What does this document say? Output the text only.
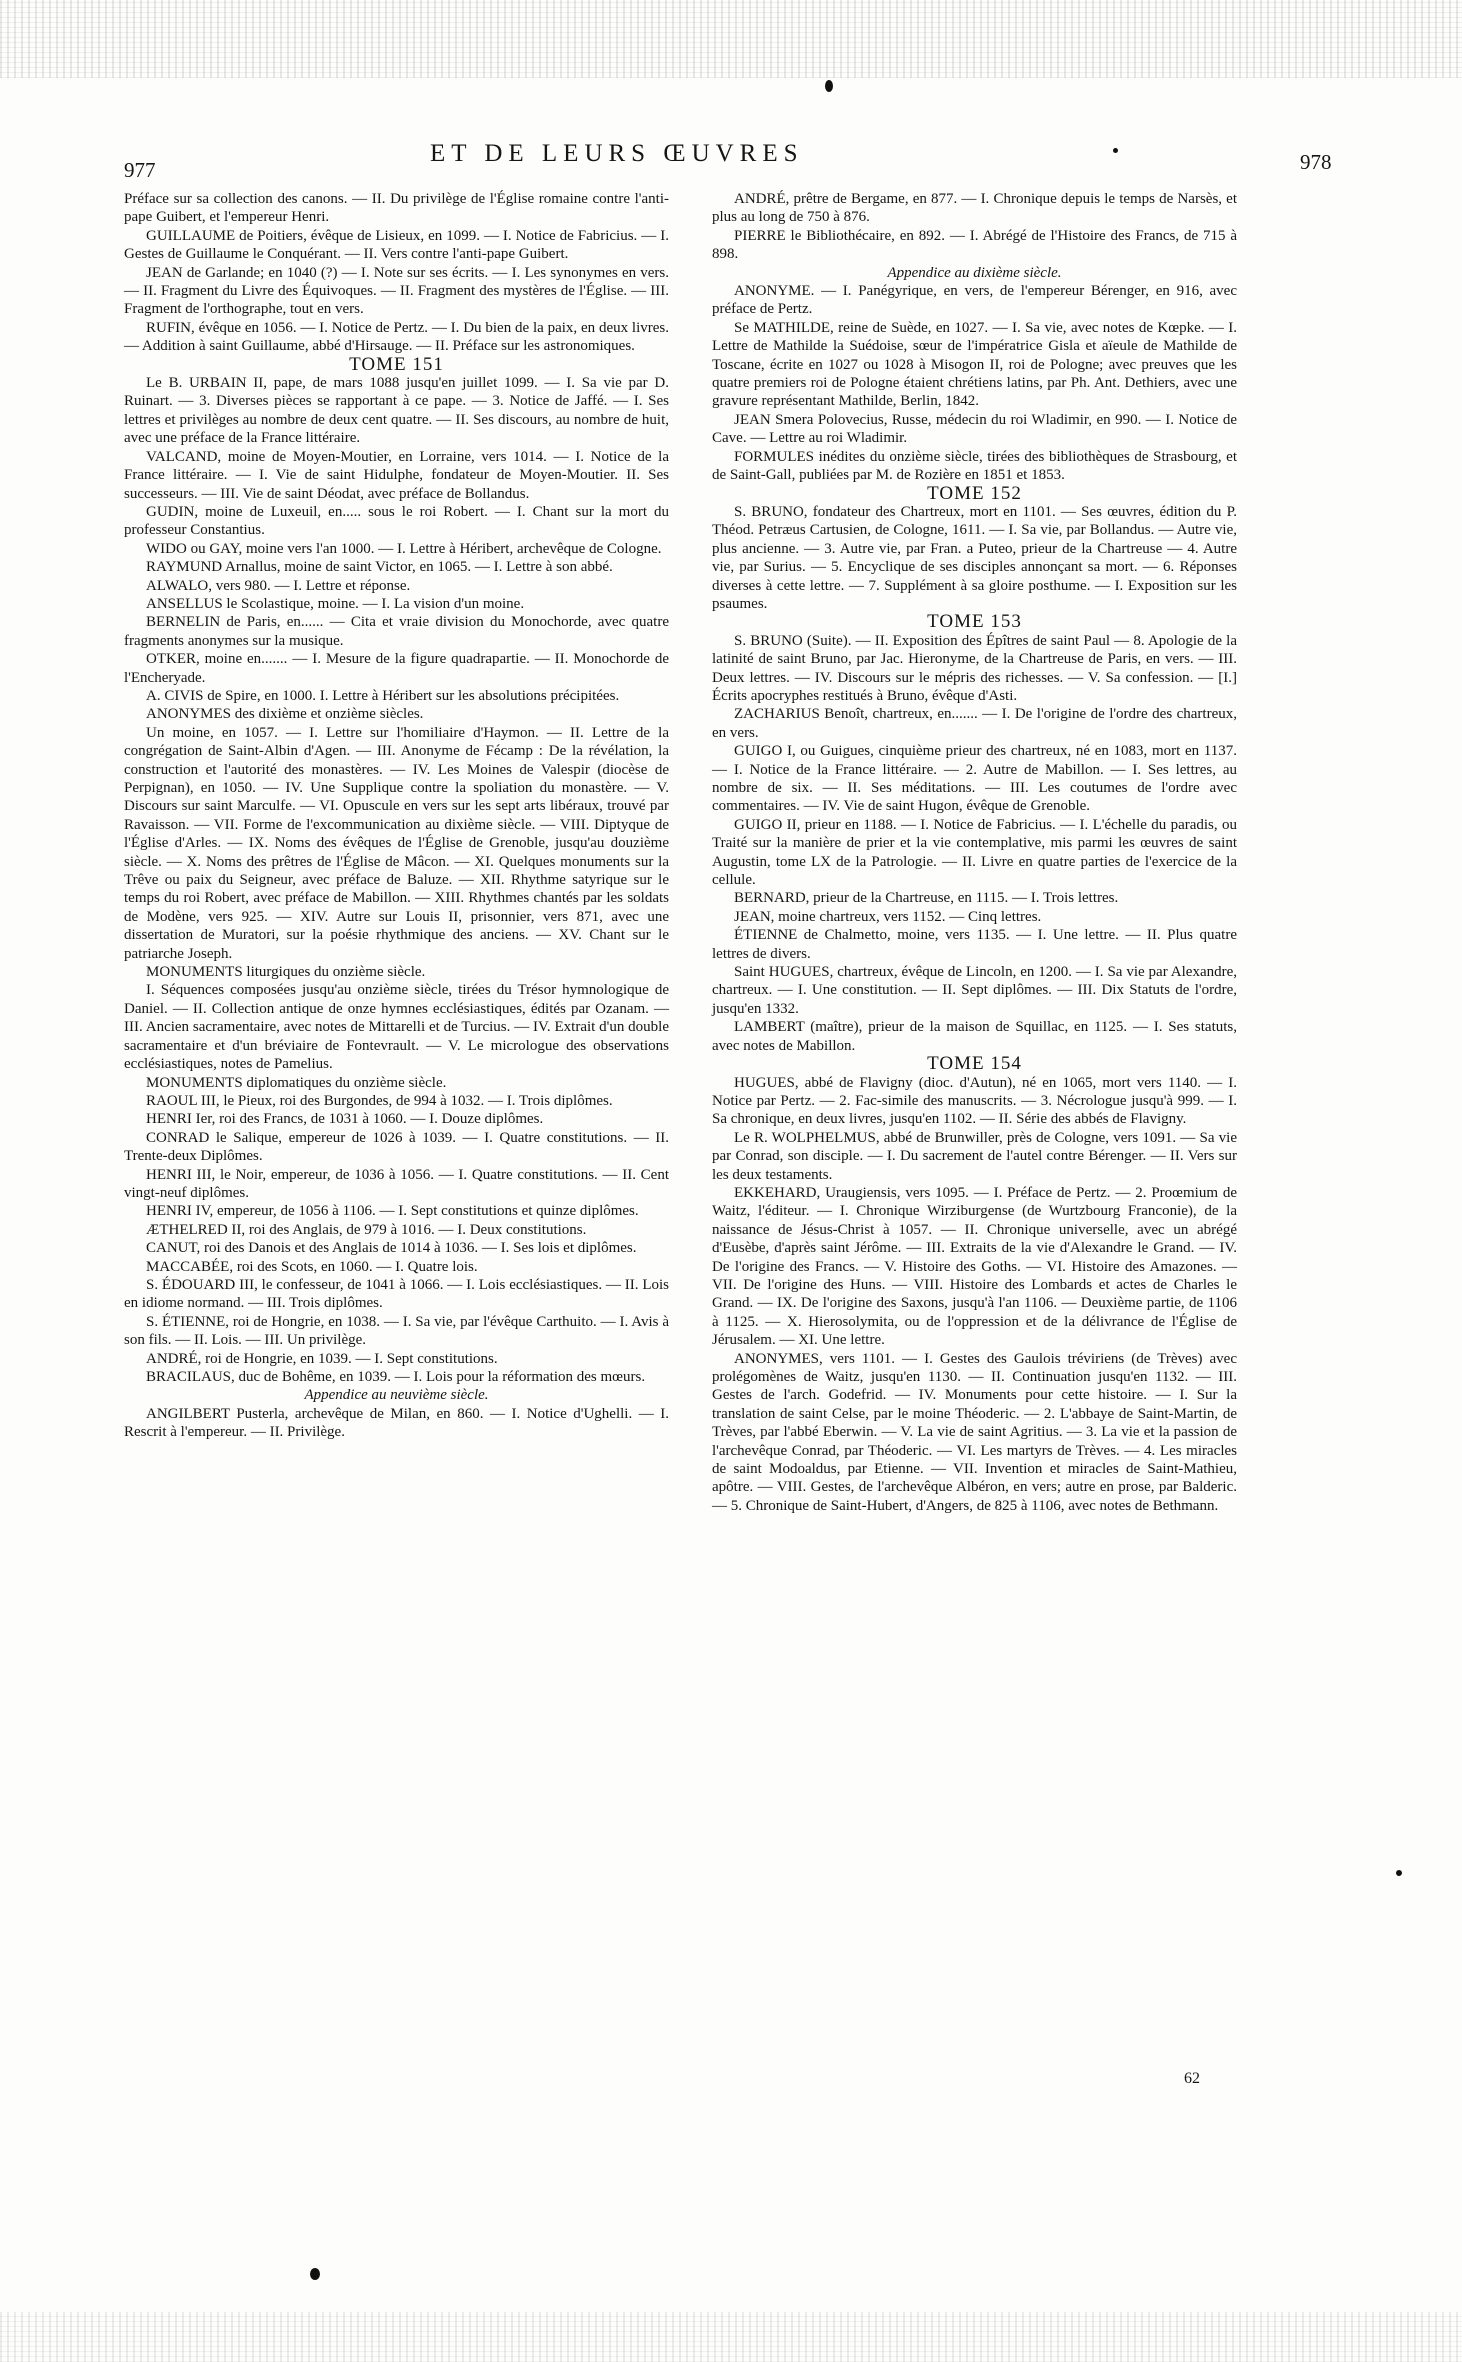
977
ET DE LEURS ŒUVRES	978

Préface sur sa collection des canons. — II. Du privilège de l'Église romaine contre l'anti-pape Guibert, et l'empereur Henri.

GUILLAUME de Poitiers, évêque de Lisieux, en 1099. — I. Notice de Fabricius. — I. Gestes de Guillaume le Conquérant. — II. Vers contre l'anti-pape Guibert.

JEAN de Garlande; en 1040 (?) — I. Note sur ses écrits. — I. Les synonymes en vers. — II. Fragment du Livre des Équivoques. — II. Fragment des mystères de l'Église. — III. Fragment de l'orthographe, tout en vers.

RUFIN, évêque en 1056. — I. Notice de Pertz. — I. Du bien de la paix, en deux livres. — Addition à saint Guillaume, abbé d'Hirsauge. — II. Préface sur les astronomiques.

TOME 151

Le B. URBAIN II, pape, de mars 1088 jusqu'en juillet 1099. — I. Sa vie par D. Ruinart. — 3. Diverses pièces se rapportant à ce pape. — 3. Notice de Jaffé. — I. Ses lettres et privilèges au nombre de deux cent quatre. — II. Ses discours, au nombre de huit, avec une préface de la France littéraire.

VALCAND, moine de Moyen-Moutier, en Lorraine, vers 1014. — I. Notice de la France littéraire. — I. Vie de saint Hidulphe, fondateur de Moyen-Moutier. II. Ses successeurs. — III. Vie de saint Déodat, avec préface de Bollandus.

GUDIN, moine de Luxeuil, en..... sous le roi Robert. — I. Chant sur la mort du professeur Constantius.

WIDO ou GAY, moine vers l'an 1000. — I. Lettre à Héribert, archevêque de Cologne.

RAYMUND Arnallus, moine de saint Victor, en 1065. — I. Lettre à son abbé.

ALWALO, vers 980. — I. Lettre et réponse.

ANSELLUS le Scolastique, moine. — I. La vision d'un moine.

BERNELIN de Paris, en...... — Cita et vraie division du Monochorde, avec quatre fragments anonymes sur la musique.

OTKER, moine en....... — I. Mesure de la figure quadrapartie. — II. Monochorde de l'Encheryade.

A. CIVIS de Spire, en 1000. I. Lettre à Héribert sur les absolutions précipitées.

ANONYMES des dixième et onzième siècles.

Un moine, en 1057. — I. Lettre sur l'homiliaire d'Haymon. — II. Lettre de la congrégation de Saint-Albin d'Agen. — III. Anonyme de Fécamp : De la révélation, la construction et l'autorité des monastères. — IV. Les Moines de Valespir (diocèse de Perpignan), en 1050. — IV. Une Supplique contre la spoliation du monastère. — V. Discours sur saint Marculfe. — VI. Opuscule en vers sur les sept arts libéraux, trouvé par Ravaisson. — VII. Forme de l'excommunication au dixième siècle. — VIII. Diptyque de l'Église d'Arles. — IX. Noms des évêques de l'Église de Grenoble, jusqu'au douzième siècle. — X. Noms des prêtres de l'Église de Mâcon. — XI. Quelques monuments sur la Trêve ou paix du Seigneur, avec préface de Baluze. — XII. Rhythme satyrique sur le temps du roi Robert, avec préface de Mabillon. — XIII. Rhythmes chantés par les soldats de Modène, vers 925. — XIV. Autre sur Louis II, prisonnier, vers 871, avec une dissertation de Muratori, sur la poésie rhythmique des anciens. — XV. Chant sur le patriarche Joseph.

MONUMENTS liturgiques du onzième siècle.

I. Séquences composées jusqu'au onzième siècle, tirées du Trésor hymnologique de Daniel. — II. Collection antique de onze hymnes ecclésiastiques, édités par Ozanam. — III. Ancien sacramentaire, avec notes de Mittarelli et de Turcius. — IV. Extrait d'un double sacramentaire et d'un bréviaire de Fontevrault. — V. Le micrologue des observations ecclésiastiques, notes de Pamelius.

MONUMENTS diplomatiques du onzième siècle.

RAOUL III, le Pieux, roi des Burgondes, de 994 à 1032. — I. Trois diplômes.

HENRI Ier, roi des Francs, de 1031 à 1060. — I. Douze diplômes.

CONRAD le Salique, empereur de 1026 à 1039. — I. Quatre constitutions. — II. Trente-deux Diplômes.

HENRI III, le Noir, empereur, de 1036 à 1056. — I. Quatre constitutions. — II. Cent vingt-neuf diplômes.

HENRI IV, empereur, de 1056 à 1106. — I. Sept constitutions et quinze diplômes.

ÆTHELRED II, roi des Anglais, de 979 à 1016. — I. Deux constitutions.

CANUT, roi des Danois et des Anglais de 1014 à 1036. — I. Ses lois et diplômes.

MACCABÉE, roi des Scots, en 1060. — I. Quatre lois.

S. ÉDOUARD III, le confesseur, de 1041 à 1066. — I. Lois ecclésiastiques. — II. Lois en idiome normand. — III. Trois diplômes.

S. ÉTIENNE, roi de Hongrie, en 1038. — I. Sa vie, par l'évêque Carthuito. — I. Avis à son fils. — II. Lois. — III. Un privilège.

ANDRÉ, roi de Hongrie, en 1039. — I. Sept constitutions.

BRACILAUS, duc de Bohême, en 1039. — I. Lois pour la réformation des mœurs.

Appendice au neuvième siècle.

ANGILBERT Pusterla, archevêque de Milan, en 860. — I. Notice d'Ughelli. — I. Rescrit à l'empereur. — II. Privilège.

ANDRÉ, prêtre de Bergame, en 877. — I. Chronique depuis le temps de Narsès, et plus au long de 750 à 876.

PIERRE le Bibliothécaire, en 892. — I. Abrégé de l'Histoire des Francs, de 715 à 898.

Appendice au dixième siècle.

ANONYME. — I. Panégyrique, en vers, de l'empereur Bérenger, en 916, avec préface de Pertz.

Se MATHILDE, reine de Suède, en 1027. — I. Sa vie, avec notes de Kœpke. — I. Lettre de Mathilde la Suédoise, sœur de l'impératrice Gisla et aïeule de Mathilde de Toscane, écrite en 1027 ou 1028 à Misogon II, roi de Pologne; avec preuves que les quatre premiers roi de Pologne étaient chrétiens latins, par Ph. Ant. Dethiers, avec une gravure représentant Mathilde, Berlin, 1842.

JEAN Smera Polovecius, Russe, médecin du roi Wladimir, en 990. — I. Notice de Cave. — Lettre au roi Wladimir.

FORMULES inédites du onzième siècle, tirées des bibliothèques de Strasbourg, et de Saint-Gall, publiées par M. de Rozière en 1851 et 1853.

TOME 152

S. BRUNO, fondateur des Chartreux, mort en 1101. — Ses œuvres, édition du P. Théod. Petræus Cartusien, de Cologne, 1611. — I. Sa vie, par Bollandus. — Autre vie, plus ancienne. — 3. Autre vie, par Fran. a Puteo, prieur de la Chartreuse — 4. Autre vie, par Surius. — 5. Encyclique de ses disciples annonçant sa mort. — 6. Réponses diverses à cette lettre. — 7. Supplément à sa gloire posthume. — I. Exposition sur les psaumes.

TOME 153

S. BRUNO (Suite). — II. Exposition des Épîtres de saint Paul — 8. Apologie de la latinité de saint Bruno, par Jac. Hieronyme, de la Chartreuse de Paris, en vers. — III. Deux lettres. — IV. Discours sur le mépris des richesses. — V. Sa confession. — [I.] Écrits apocryphes restitués à Bruno, évêque d'Asti.

ZACHARIUS Benoît, chartreux, en....... — I. De l'origine de l'ordre des chartreux, en vers.

GUIGO I, ou Guigues, cinquième prieur des chartreux, né en 1083, mort en 1137. — I. Notice de la France littéraire. — 2. Autre de Mabillon. — I. Ses lettres, au nombre de six. — II. Ses méditations. — III. Les coutumes de l'ordre avec commentaires. — IV. Vie de saint Hugon, évêque de Grenoble.

GUIGO II, prieur en 1188. — I. Notice de Fabricius. — I. L'échelle du paradis, ou Traité sur la manière de prier et la vie contemplative, mis parmi les œuvres de saint Augustin, tome LX de la Patrologie. — II. Livre en quatre parties de l'exercice de la cellule.

BERNARD, prieur de la Chartreuse, en 1115. — I. Trois lettres.

JEAN, moine chartreux, vers 1152. — Cinq lettres.

ÉTIENNE de Chalmetto, moine, vers 1135. — I. Une lettre. — II. Plus quatre lettres de divers.

Saint HUGUES, chartreux, évêque de Lincoln, en 1200. — I. Sa vie par Alexandre, chartreux. — I. Une constitution. — II. Sept diplômes. — III. Dix Statuts de l'ordre, jusqu'en 1332.

LAMBERT (maître), prieur de la maison de Squillac, en 1125. — I. Ses statuts, avec notes de Mabillon.

TOME 154

HUGUES, abbé de Flavigny (dioc. d'Autun), né en 1065, mort vers 1140. — I. Notice par Pertz. — 2. Fac-simile des manuscrits. — 3. Nécrologue jusqu'à 999. — I. Sa chronique, en deux livres, jusqu'en 1102. — II. Série des abbés de Flavigny.

Le R. WOLPHELMUS, abbé de Brunwiller, près de Cologne, vers 1091. — Sa vie par Conrad, son disciple. — I. Du sacrement de l'autel contre Bérenger. — II. Vers sur les deux testaments.

EKKEHARD, Uraugiensis, vers 1095. — I. Préface de Pertz. — 2. Proœmium de Waitz, l'éditeur. — I. Chronique Wirziburgense (de Wurtzbourg Franconie), de la naissance de Jésus-Christ à 1057. — II. Chronique universelle, avec un abrégé d'Eusèbe, d'après saint Jérôme. — III. Extraits de la vie d'Alexandre le Grand. — IV. De l'origine des Francs. — V. Histoire des Goths. — VI. Histoire des Amazones. — VII. De l'origine des Huns. — VIII. Histoire des Lombards et actes de Charles le Grand. — IX. De l'origine des Saxons, jusqu'à l'an 1106. — Deuxième partie, de 1106 à 1125. — X. Hierosolymita, ou de l'oppression et de la délivrance de l'Église de Jérusalem. — XI. Une lettre.

ANONYMES, vers 1101. — I. Gestes des Gaulois tréviriens (de Trèves) avec prolégomènes de Waitz, jusqu'en 1130. — II. Continuation jusqu'en 1132. — III. Gestes de l'arch. Godefrid. — IV. Monuments pour cette histoire. — I. Sur la translation de saint Celse, par le moine Théoderic. — 2. L'abbaye de Saint-Martin, de Trèves, par l'abbé Eberwin. — V. La vie de saint Agritius. — 3. La vie et la passion de l'archevêque Conrad, par Théoderic. — VI. Les martyrs de Trèves. — 4. Les miracles de saint Modoaldus, par Etienne. — VII. Invention et miracles de Saint-Mathieu, apôtre. — VIII. Gestes, de l'archevêque Albéron, en vers; autre en prose, par Balderic. — 5. Chronique de Saint-Hubert, d'Angers, de 825 à 1106, avec notes de Bethmann.

62
